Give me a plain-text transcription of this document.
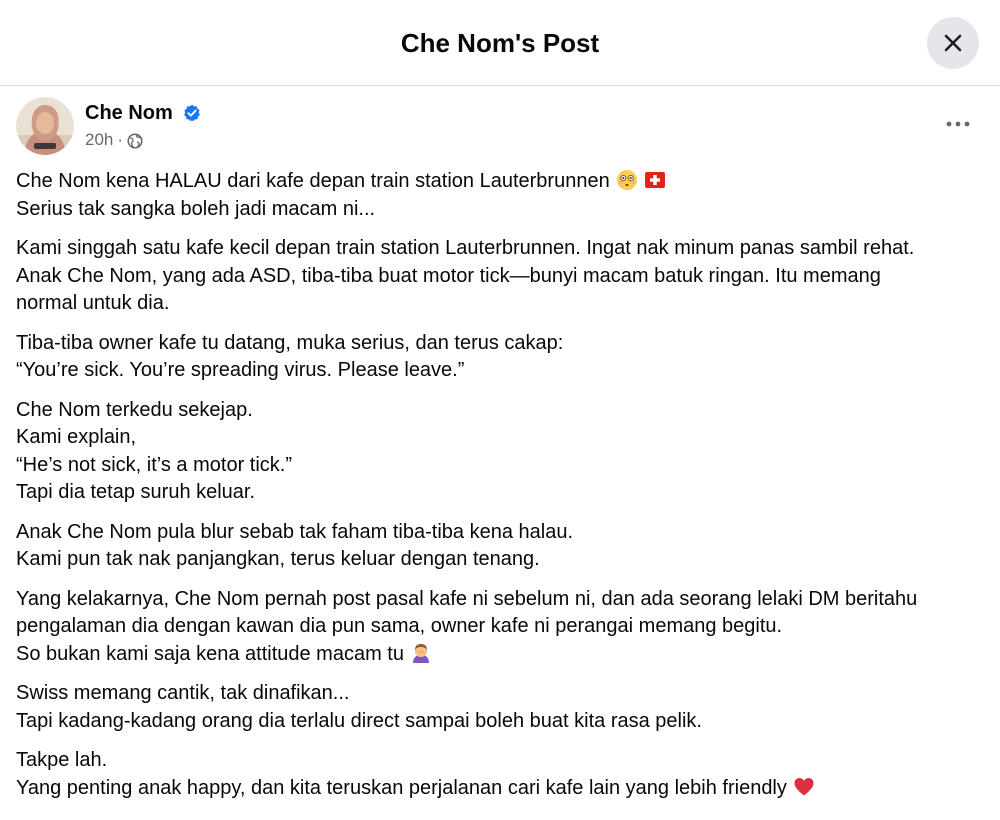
Che Nom's Post
Che Nom
20h ·
Che Nom kena HALAU dari kafe depan train station Lauterbrunnen
Serius tak sangka boleh jadi macam ni...
Kami singgah satu kafe kecil depan train station Lauterbrunnen. Ingat nak minum panas sambil rehat.
Anak Che Nom, yang ada ASD, tiba-tiba buat motor tick—bunyi macam batuk ringan. Itu memang
normal untuk dia.
Tiba-tiba owner kafe tu datang, muka serius, dan terus cakap:
“You’re sick. You’re spreading virus. Please leave.”
Che Nom terkedu sekejap.
Kami explain,
“He’s not sick, it’s a motor tick.”
Tapi dia tetap suruh keluar.
Anak Che Nom pula blur sebab tak faham tiba-tiba kena halau.
Kami pun tak nak panjangkan, terus keluar dengan tenang.
Yang kelakarnya, Che Nom pernah post pasal kafe ni sebelum ni, dan ada seorang lelaki DM beritahu
pengalaman dia dengan kawan dia pun sama, owner kafe ni perangai memang begitu.
So bukan kami saja kena attitude macam tu
Swiss memang cantik, tak dinafikan...
Tapi kadang-kadang orang dia terlalu direct sampai boleh buat kita rasa pelik.
Takpe lah.
Yang penting anak happy, dan kita teruskan perjalanan cari kafe lain yang lebih friendly
